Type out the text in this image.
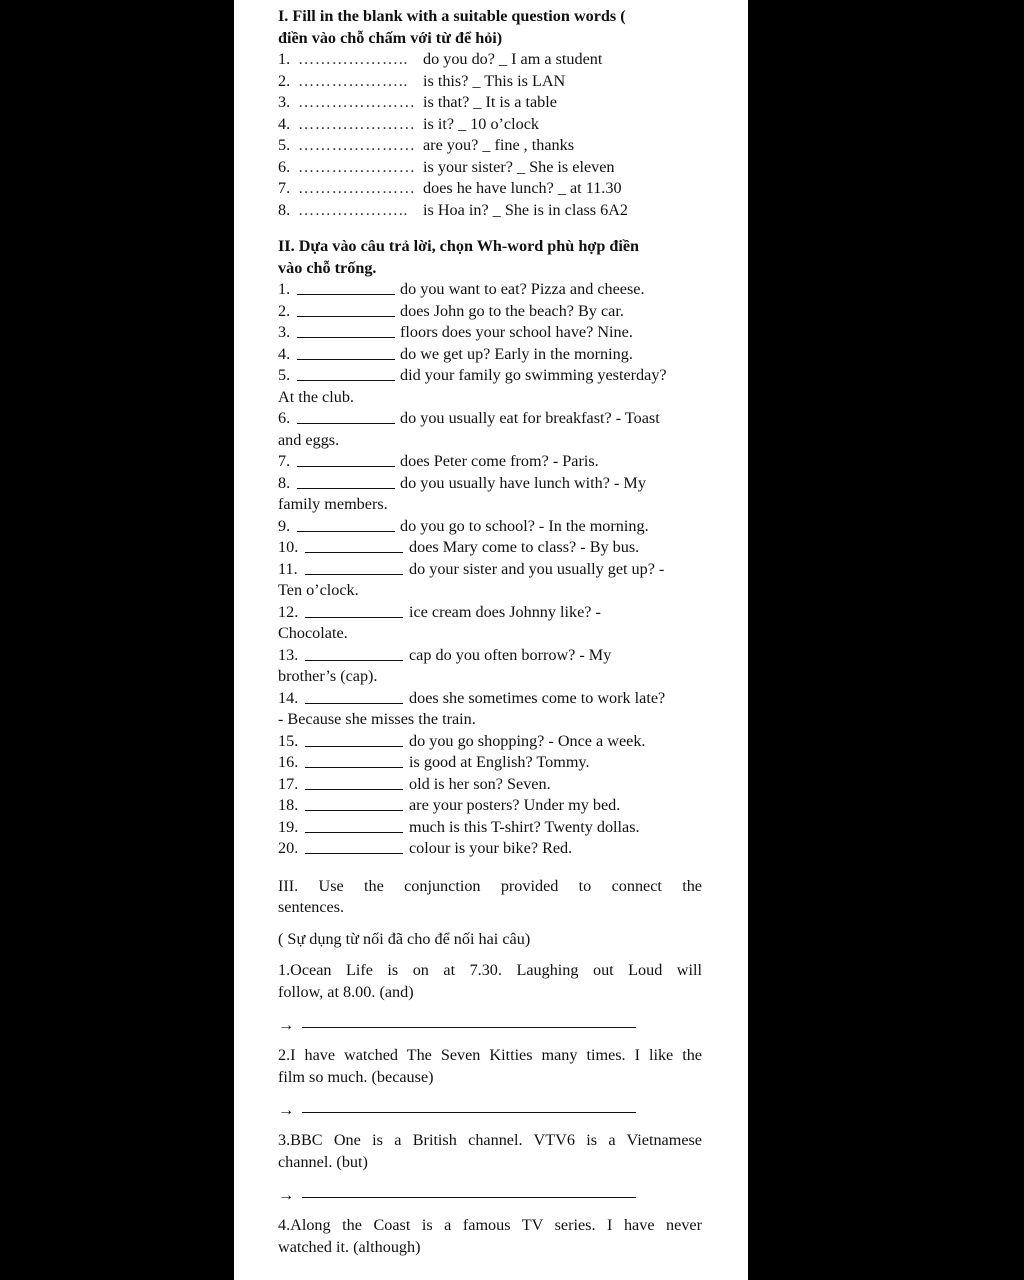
I. Fill in the blank with a suitable question words (
điền vào chỗ chấm với từ để hỏi)

1. ……………….. do you do? _ I am a student
2. ……………….. is this? _ This is LAN
3. ………………… is that? _ It is a table
4. ………………… is it? _ 10 o’clock
5. ………………… are you? _ fine , thanks
6. ………………… is your sister? _ She is eleven
7. ………………… does he have lunch? _ at 11.30
8. ……………….. is Hoa in? _ She is in class 6A2

II. Dựa vào câu trả lời, chọn Wh-word phù hợp điền
vào chỗ trống.

1.	do you want to eat? Pizza and cheese.
2.	does John go to the beach? By car.
3.	floors does your school have? Nine.
4.	do we get up? Early in the morning.
5.	did your family go swimming yesterday?
At the club.
6.	do you usually eat for breakfast? - Toast
and eggs.
7.	does Peter come from? - Paris.
8.	do you usually have lunch with? - My
family members.
9.	do you go to school? - In the morning.
10.	does Mary come to class? - By bus.
11.	do your sister and you usually get up? -
Ten o’clock.
12.	ice cream does Johnny like? -
Chocolate.
13.	cap do you often borrow? - My
brother’s (cap).
14.	does she sometimes come to work late?
- Because she misses the train.
15.	do you go shopping? - Once a week.
16.	is good at English? Tommy.
17.	old is her son? Seven.
18.	are your posters? Under my bed.
19.	much is this T-shirt? Twenty dollas.
20.	colour is your bike? Red.

III. Use the conjunction provided to connect the

sentences.

( Sự dụng từ nối đã cho để nối hai câu)

1.Ocean Life is on at 7.30. Laughing out Loud will

follow, at 8.00. (and)

→

2.I have watched The Seven Kitties many times. I like the

film so much. (because)

→

3.BBC One is a British channel. VTV6 is a Vietnamese

channel. (but)

→

4.Along the Coast is a famous TV series. I have never

watched it. (although)
